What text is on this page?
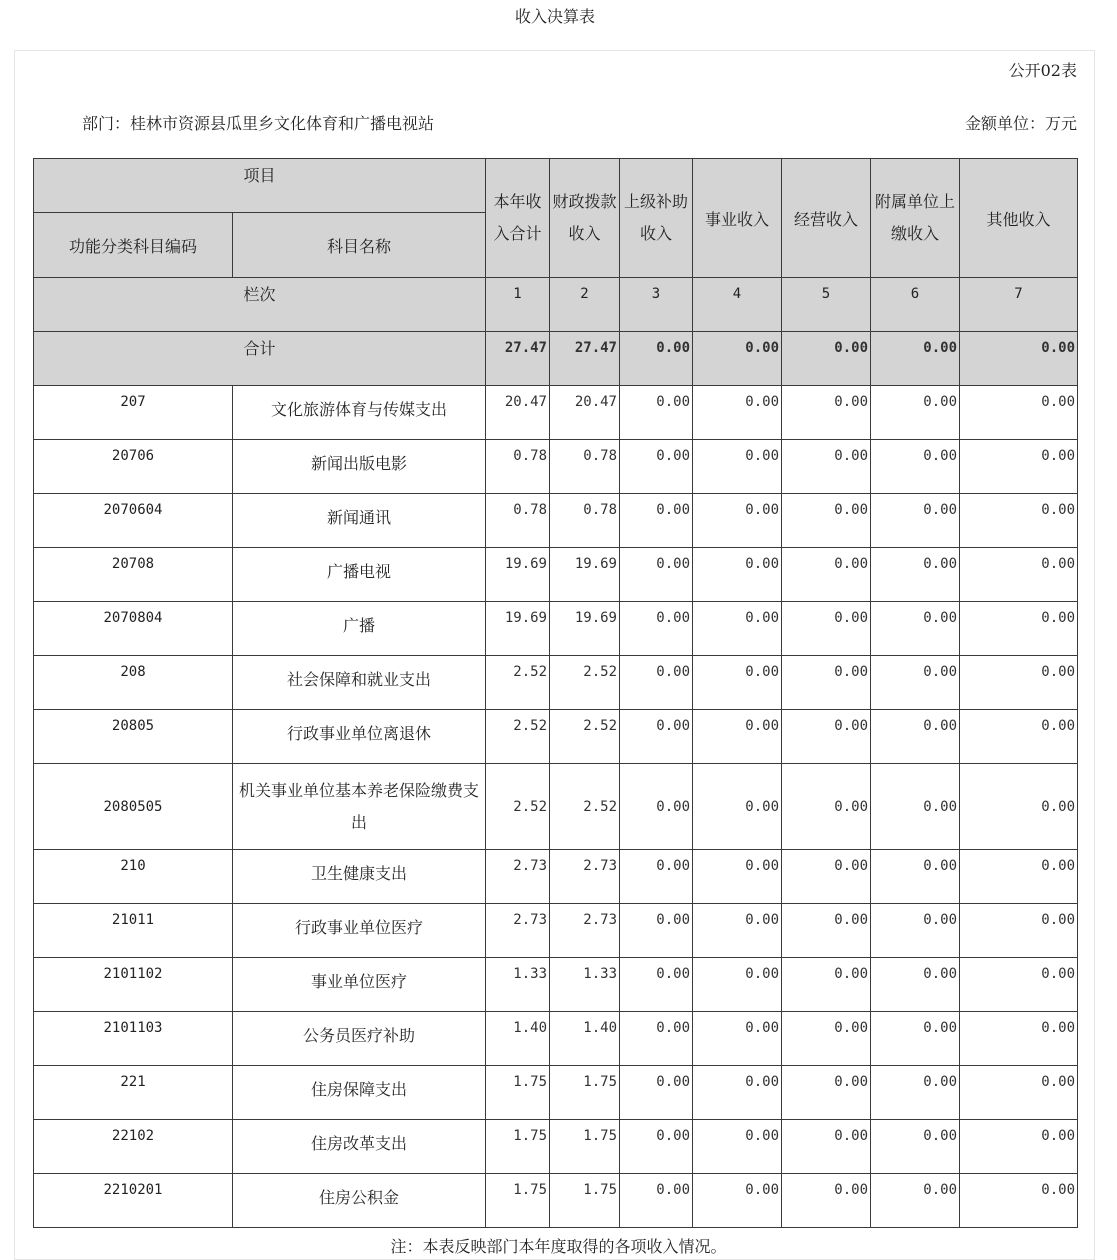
收入决算表
公开02表
部门：桂林市资源县瓜里乡文化体育和广播电视站	金额单位：万元
项目		本年收入合计	财政拨款收入	上级补助收入	事业收入	经营收入	附属单位上缴收入	其他收入
功能分类科目编码	科目名称							
栏次		1	2	3	4	5	6	7
合计		27.47	27.47	0.00	0.00	0.00	0.00	0.00
207	文化旅游体育与传媒支出	20.47	20.47	0.00	0.00	0.00	0.00	0.00
20706	新闻出版电影	0.78	0.78	0.00	0.00	0.00	0.00	0.00
2070604	新闻通讯	0.78	0.78	0.00	0.00	0.00	0.00	0.00
20708	广播电视	19.69	19.69	0.00	0.00	0.00	0.00	0.00
2070804	广播	19.69	19.69	0.00	0.00	0.00	0.00	0.00
208	社会保障和就业支出	2.52	2.52	0.00	0.00	0.00	0.00	0.00
20805	行政事业单位离退休	2.52	2.52	0.00	0.00	0.00	0.00	0.00
2080505	机关事业单位基本养老保险缴费支出	2.52	2.52	0.00	0.00	0.00	0.00	0.00
210	卫生健康支出	2.73	2.73	0.00	0.00	0.00	0.00	0.00
21011	行政事业单位医疗	2.73	2.73	0.00	0.00	0.00	0.00	0.00
2101102	事业单位医疗	1.33	1.33	0.00	0.00	0.00	0.00	0.00
2101103	公务员医疗补助	1.40	1.40	0.00	0.00	0.00	0.00	0.00
221	住房保障支出	1.75	1.75	0.00	0.00	0.00	0.00	0.00
22102	住房改革支出	1.75	1.75	0.00	0.00	0.00	0.00	0.00
2210201	住房公积金	1.75	1.75	0.00	0.00	0.00	0.00	0.00
注：本表反映部门本年度取得的各项收入情况。
